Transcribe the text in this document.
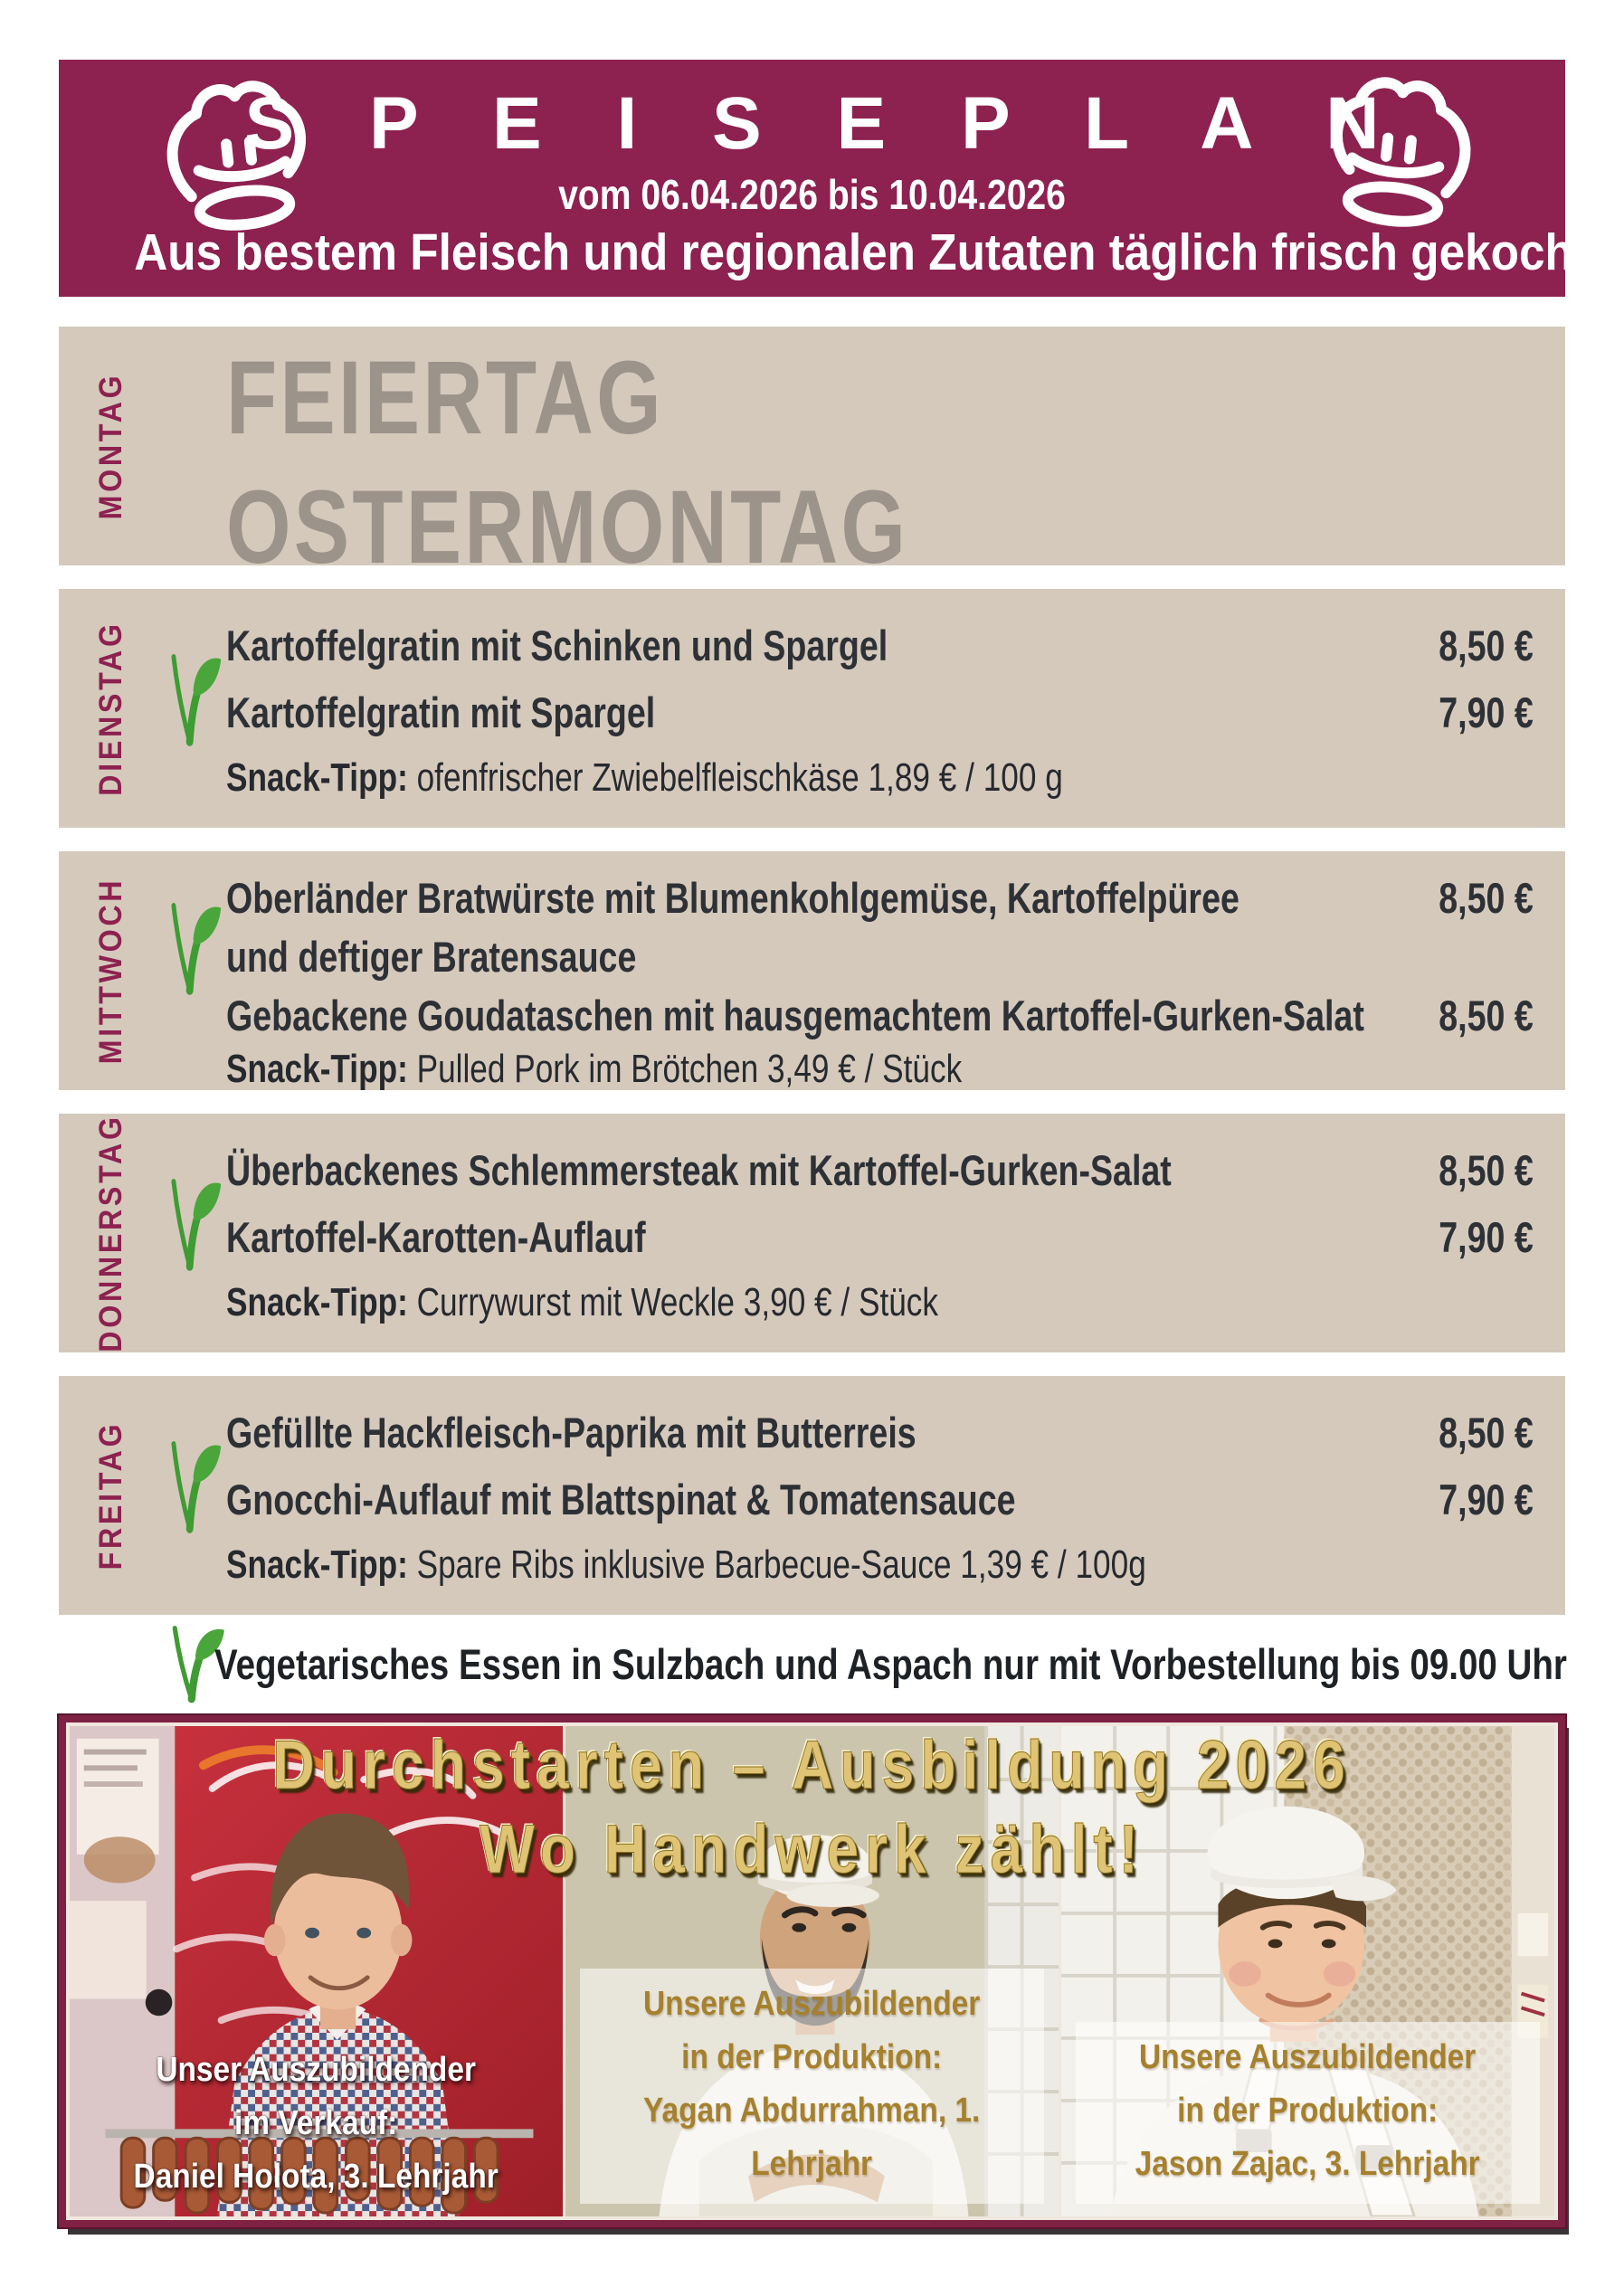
S P E I S E P L A N
vom 06.04.2026 bis 10.04.2026
Aus bestem Fleisch und regionalen Zutaten täglich frisch gekocht
MONTAG FEIERTAG
OSTERMONTAG
DIENSTAG Kartoffelgratin mit Schinken und Spargel	8,50 €
Kartoffelgratin mit Spargel	7,90 €
Snack-Tipp: ofenfrischer Zwiebelfleischkäse 1,89 € / 100 g
MITTWOCH Oberländer Bratwürste mit Blumenkohlgemüse, Kartoffelpüree	8,50 €
und deftiger Bratensauce
Gebackene Goudataschen mit hausgemachtem Kartoffel-Gurken-Salat	8,50 €
Snack-Tipp: Pulled Pork im Brötchen 3,49 € / Stück
DONNERSTAG Überbackenes Schlemmersteak mit Kartoffel-Gurken-Salat	8,50 €
Kartoffel-Karotten-Auflauf	7,90 €
Snack-Tipp: Currywurst mit Weckle 3,90 € / Stück
FREITAG Gefüllte Hackfleisch-Paprika mit Butterreis	8,50 €
Gnocchi-Auflauf mit Blattspinat & Tomatensauce	7,90 €
Snack-Tipp: Spare Ribs inklusive Barbecue-Sauce 1,39 € / 100g
Vegetarisches Essen in Sulzbach und Aspach nur mit Vorbestellung bis 09.00 Uhr
Durchstarten – Ausbildung 2026
Wo Handwerk zählt!
Unser Auszubildender
im Verkauf:
Daniel Holota, 3. Lehrjahr
Unsere Auszubildender
in der Produktion:
Yagan Abdurrahman, 1. Lehrjahr
Unsere Auszubildender
in der Produktion:
Jason Zajac, 3. Lehrjahr
